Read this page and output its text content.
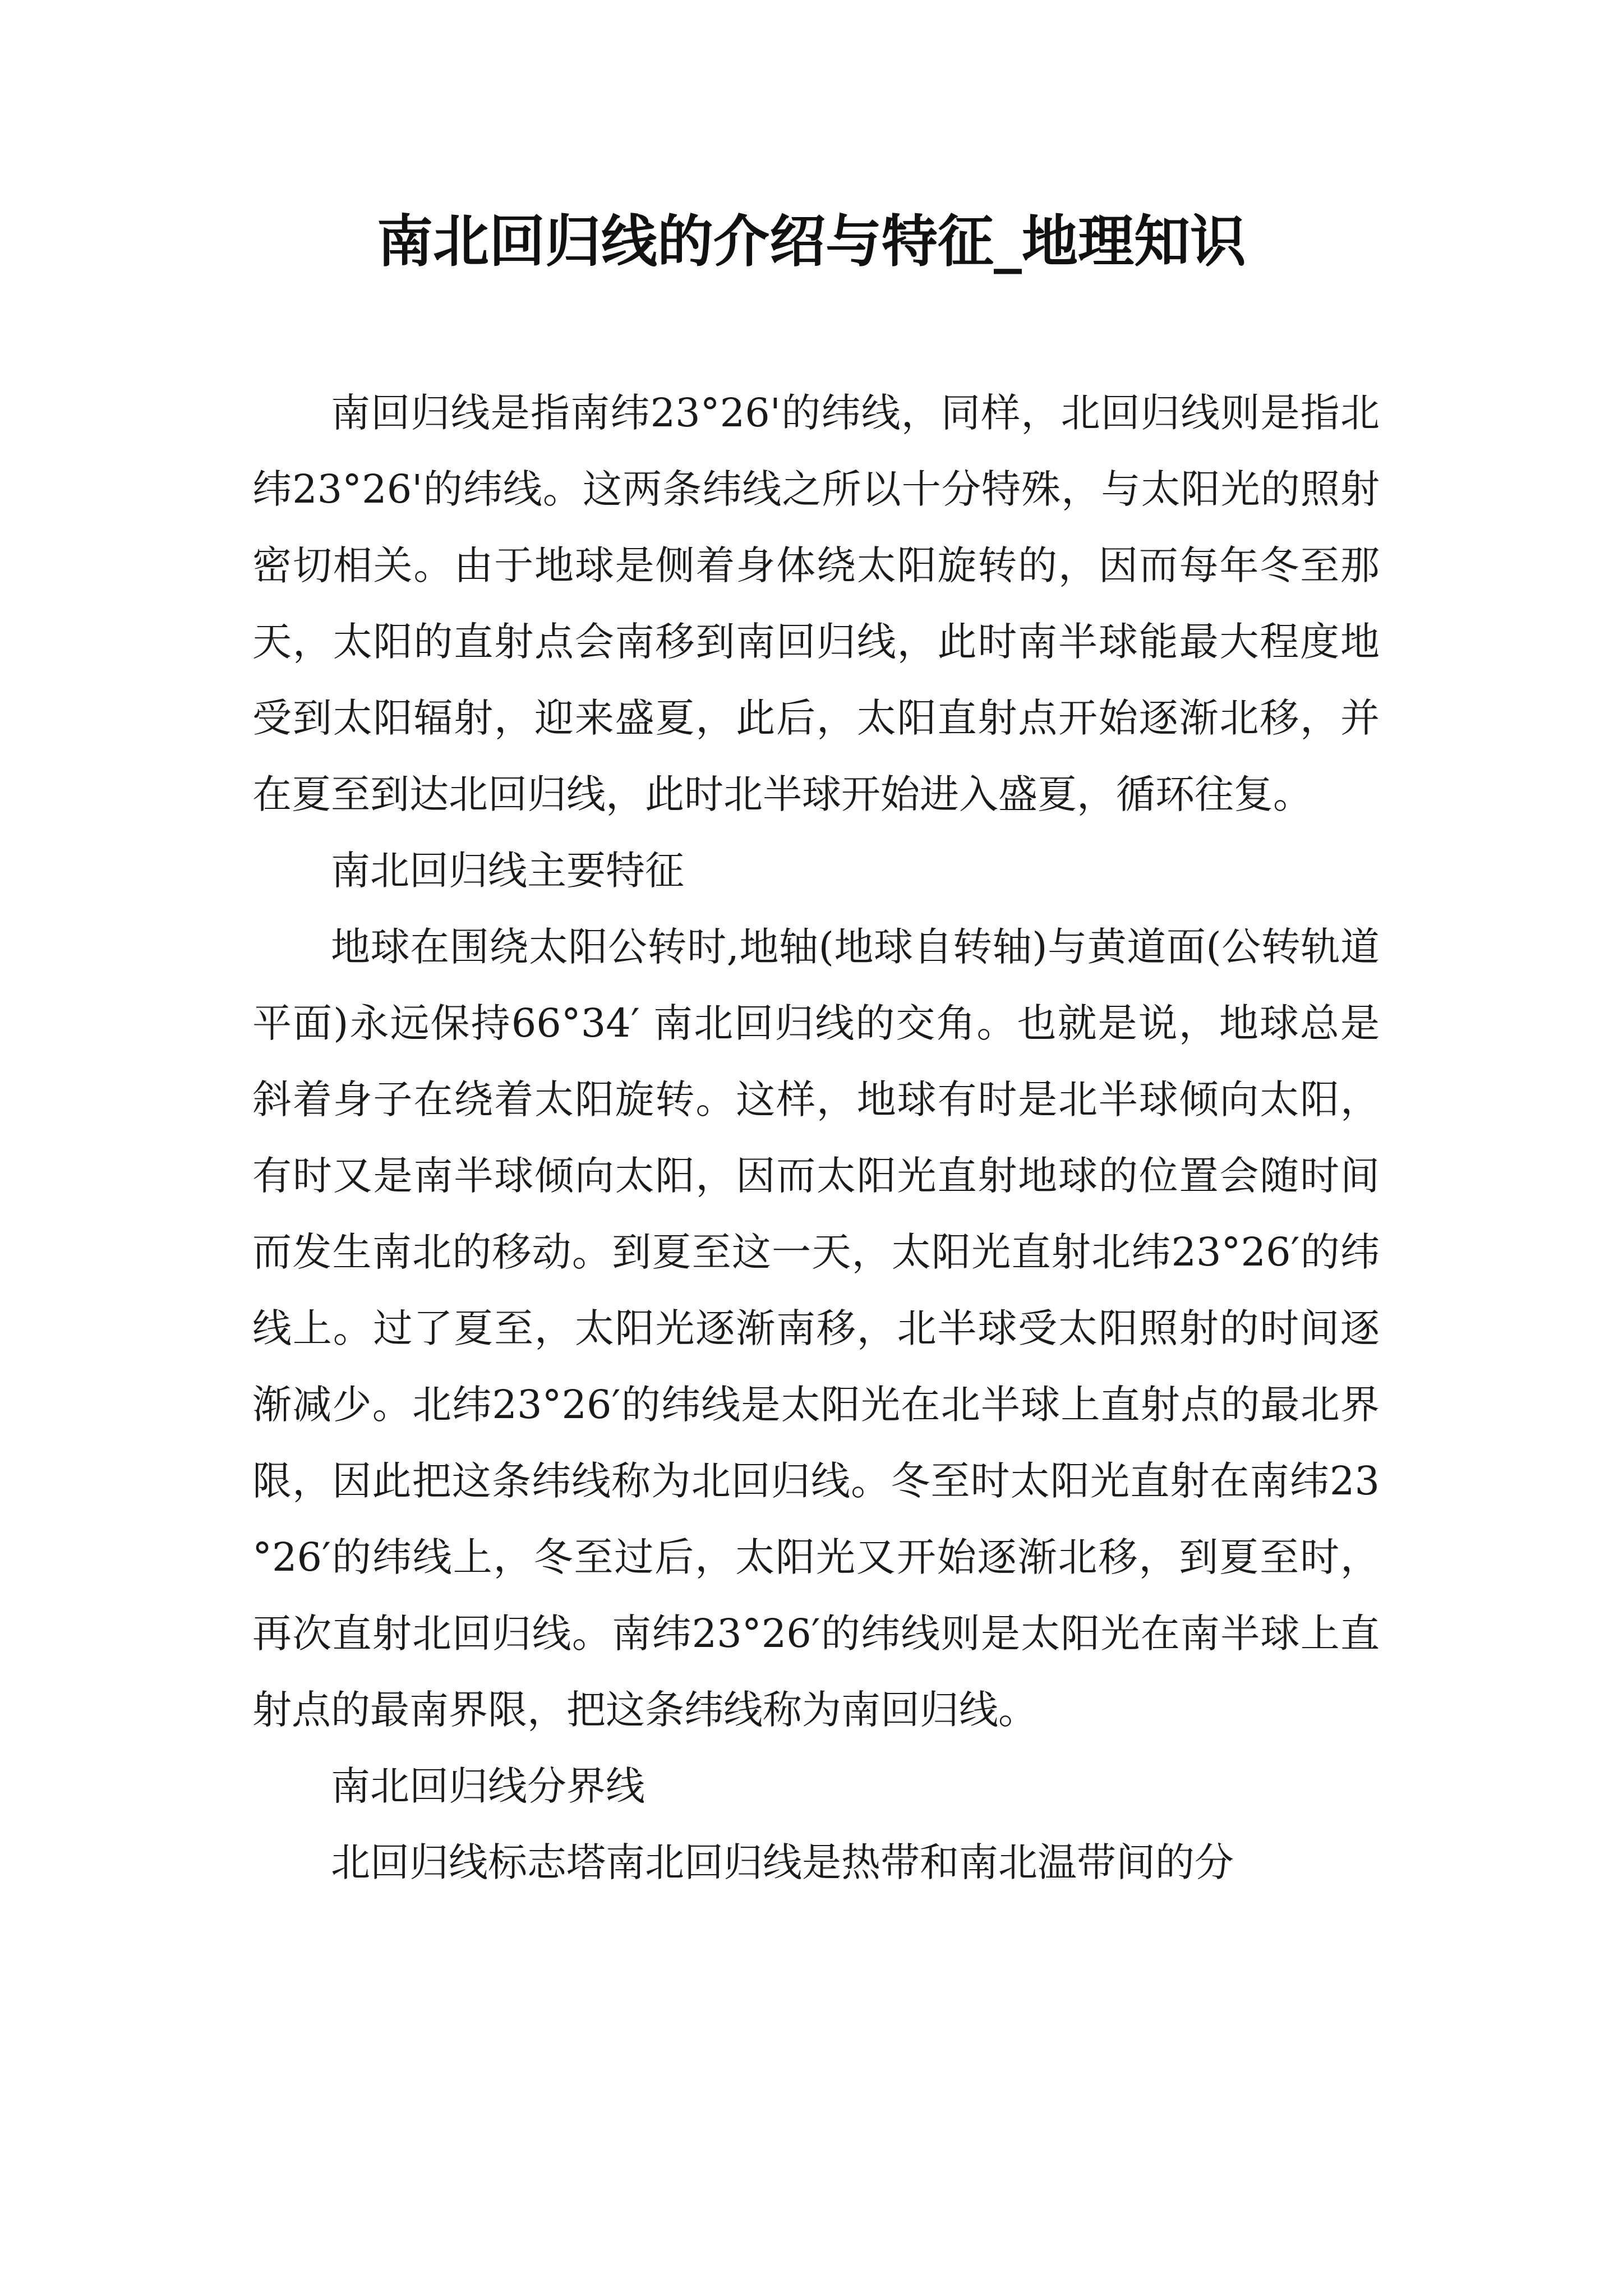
南北回归线的介绍与特征_地理知识

南回归线是指南纬23°26'的纬线，同样，北回归线则是指北纬23°26'的纬线。这两条纬线之所以十分特殊，与太阳光的照射密切相关。由于地球是侧着身体绕太阳旋转的，因而每年冬至那天，太阳的直射点会南移到南回归线，此时南半球能最大程度地受到太阳辐射，迎来盛夏，此后，太阳直射点开始逐渐北移，并在夏至到达北回归线，此时北半球开始进入盛夏，循环往复。

南北回归线主要特征

地球在围绕太阳公转时,地轴(地球自转轴)与黄道面(公转轨道平面)永远保持66°34′ 南北回归线的交角。也就是说，地球总是斜着身子在绕着太阳旋转。这样，地球有时是北半球倾向太阳，有时又是南半球倾向太阳，因而太阳光直射地球的位置会随时间而发生南北的移动。到夏至这一天，太阳光直射北纬23°26′的纬线上。过了夏至，太阳光逐渐南移，北半球受太阳照射的时间逐渐减少。北纬23°26′的纬线是太阳光在北半球上直射点的最北界限，因此把这条纬线称为北回归线。冬至时太阳光直射在南纬23°26′的纬线上，冬至过后，太阳光又开始逐渐北移，到夏至时，再次直射北回归线。南纬23°26′的纬线则是太阳光在南半球上直射点的最南界限，把这条纬线称为南回归线。

南北回归线分界线

北回归线标志塔南北回归线是热带和南北温带间的分
